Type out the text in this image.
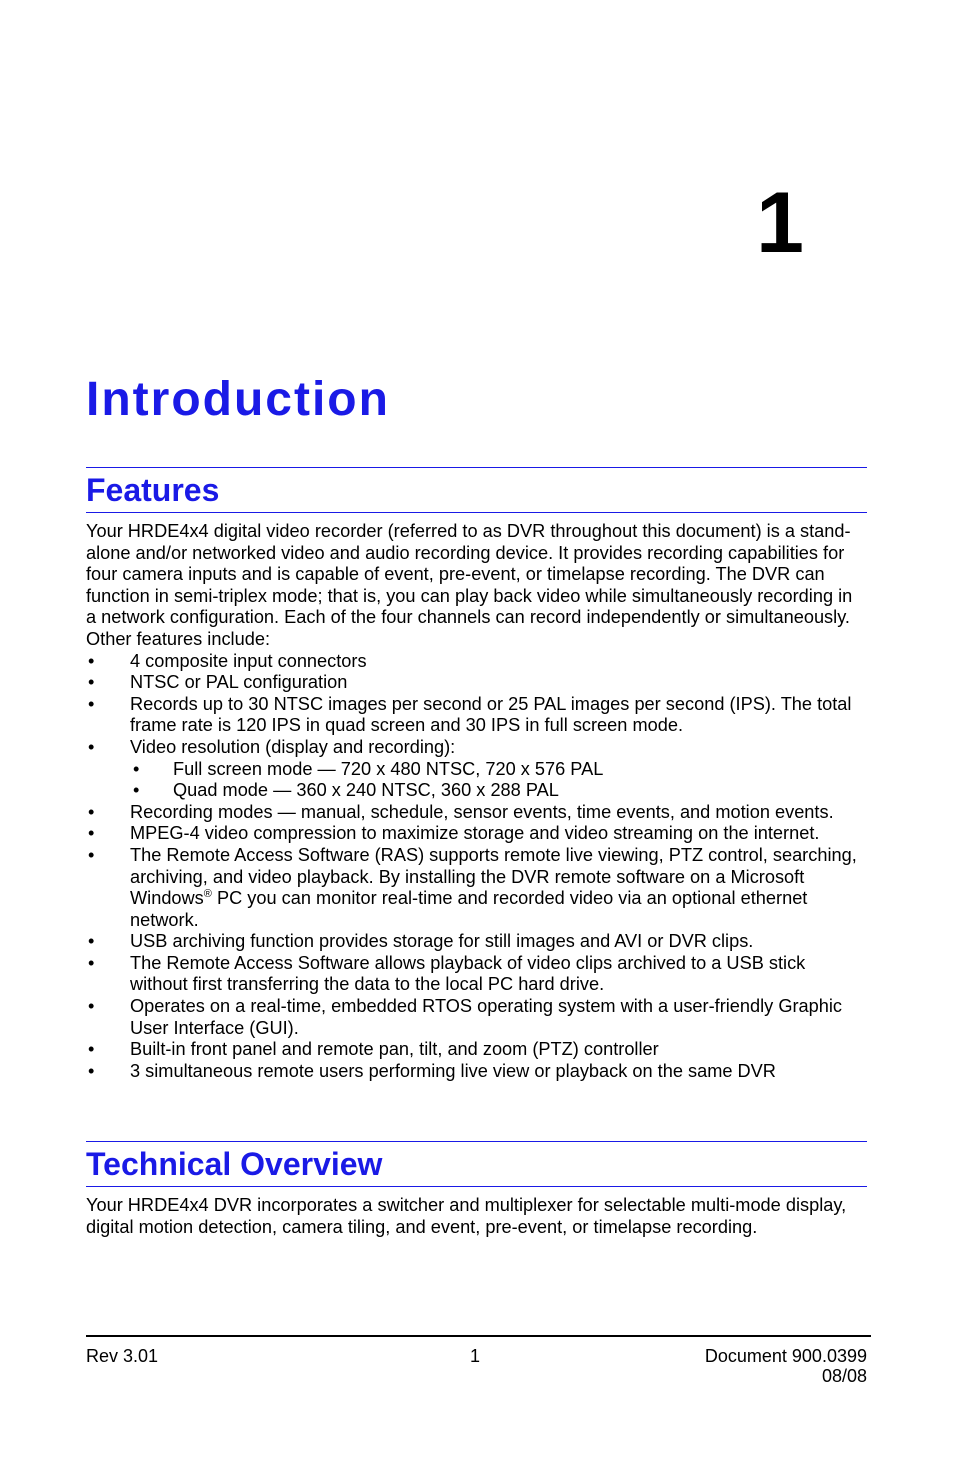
1
Introduction
Features

Your HRDE4x4 digital video recorder (referred to as DVR throughout this document) is a stand-alone and/or networked video and audio recording device. It provides recording capabilities for four camera inputs and is capable of event, pre-event, or timelapse recording. The DVR can function in semi-triplex mode; that is, you can play back video while simultaneously recording in a network configuration. Each of the four channels can record independently or simultaneously. Other features include:

• 4 composite input connectors
• NTSC or PAL configuration
• Records up to 30 NTSC images per second or 25 PAL images per second (IPS). The total frame rate is 120 IPS in quad screen and 30 IPS in full screen mode.
• Video resolution (display and recording):
• Full screen mode — 720 x 480 NTSC, 720 x 576 PAL
• Quad mode — 360 x 240 NTSC, 360 x 288 PAL
• Recording modes — manual, schedule, sensor events, time events, and motion events.
• MPEG-4 video compression to maximize storage and video streaming on the internet.
• The Remote Access Software (RAS) supports remote live viewing, PTZ control, searching, archiving, and video playback. By installing the DVR remote software on a Microsoft Windows® PC you can monitor real-time and recorded video via an optional ethernet network.
• USB archiving function provides storage for still images and AVI or DVR clips.
• The Remote Access Software allows playback of video clips archived to a USB stick without first transferring the data to the local PC hard drive.
• Operates on a real-time, embedded RTOS operating system with a user-friendly Graphic User Interface (GUI).
• Built-in front panel and remote pan, tilt, and zoom (PTZ) controller
• 3 simultaneous remote users performing live view or playback on the same DVR
Technical Overview

Your HRDE4x4 DVR incorporates a switcher and multiplexer for selectable multi-mode display, digital motion detection, camera tiling, and event, pre-event, or timelapse recording.

Rev 3.01	1	Document 900.0399
08/08
